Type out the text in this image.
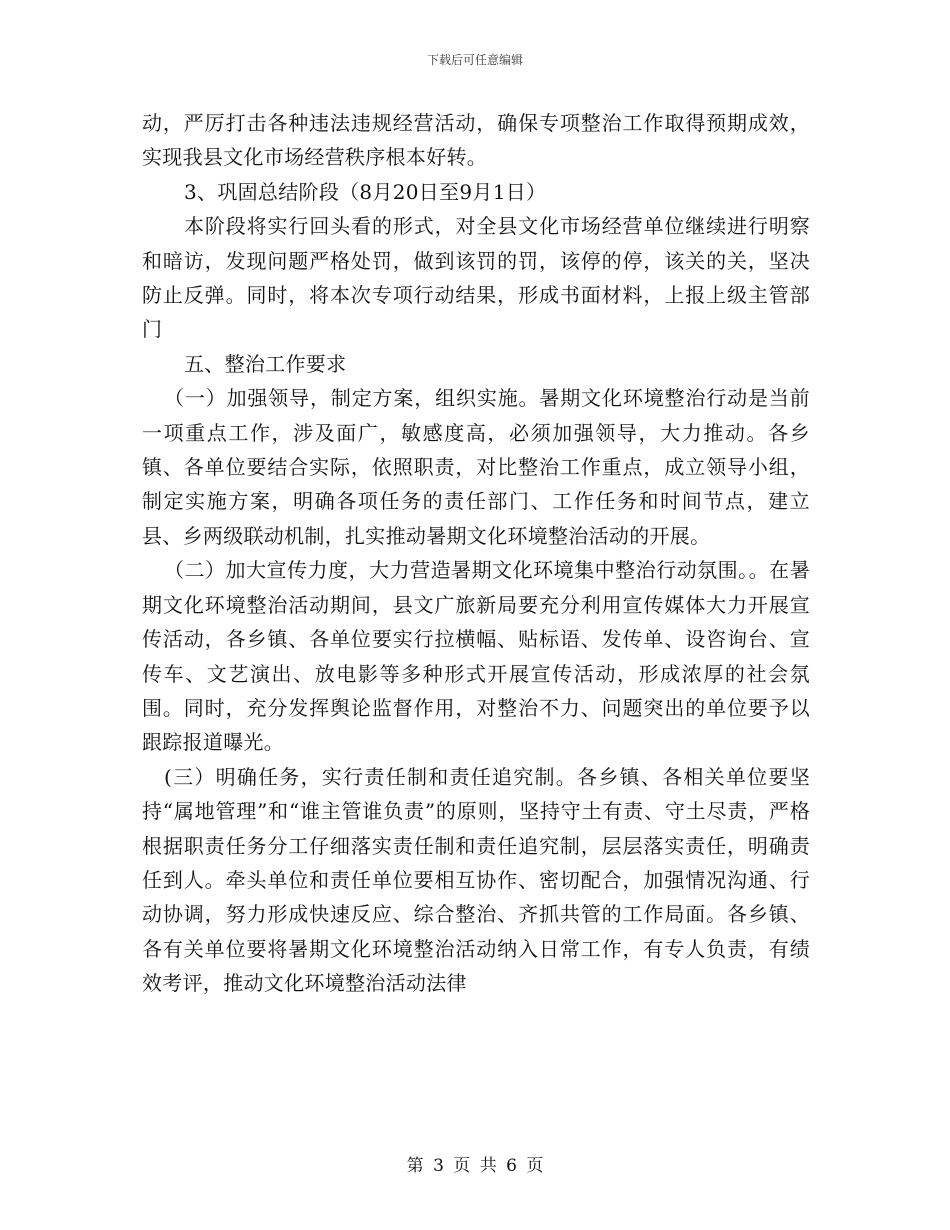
下载后可任意编辑

动，严厉打击各种违法违规经营活动，确保专项整治工作取得预期成效，实现我县文化市场经营秩序根本好转。

3、巩固总结阶段（8月20日至9月1日）

本阶段将实行回头看的形式，对全县文化市场经营单位继续进行明察和暗访，发现问题严格处罚，做到该罚的罚，该停的停，该关的关，坚决防止反弹。同时，将本次专项行动结果，形成书面材料，上报上级主管部门

五、整治工作要求

（一）加强领导，制定方案，组织实施。暑期文化环境整治行动是当前一项重点工作，涉及面广，敏感度高，必须加强领导，大力推动。各乡镇、各单位要结合实际，依照职责，对比整治工作重点，成立领导小组，制定实施方案，明确各项任务的责任部门、工作任务和时间节点，建立县、乡两级联动机制，扎实推动暑期文化环境整治活动的开展。

（二）加大宣传力度，大力营造暑期文化环境集中整治行动氛围。。在暑期文化环境整治活动期间，县文广旅新局要充分利用宣传媒体大力开展宣传活动，各乡镇、各单位要实行拉横幅、贴标语、发传单、设咨询台、宣传车、文艺演出、放电影等多种形式开展宣传活动，形成浓厚的社会氛围。同时，充分发挥舆论监督作用，对整治不力、问题突出的单位要予以跟踪报道曝光。

(三）明确任务，实行责任制和责任追究制。各乡镇、各相关单位要坚持“属地管理”和“谁主管谁负责”的原则，坚持守土有责、守土尽责，严格根据职责任务分工仔细落实责任制和责任追究制，层层落实责任，明确责任到人。牵头单位和责任单位要相互协作、密切配合，加强情况沟通、行动协调，努力形成快速反应、综合整治、齐抓共管的工作局面。各乡镇、各有关单位要将暑期文化环境整治活动纳入日常工作，有专人负责，有绩效考评，推动文化环境整治活动法律

第 3 页 共 6 页
